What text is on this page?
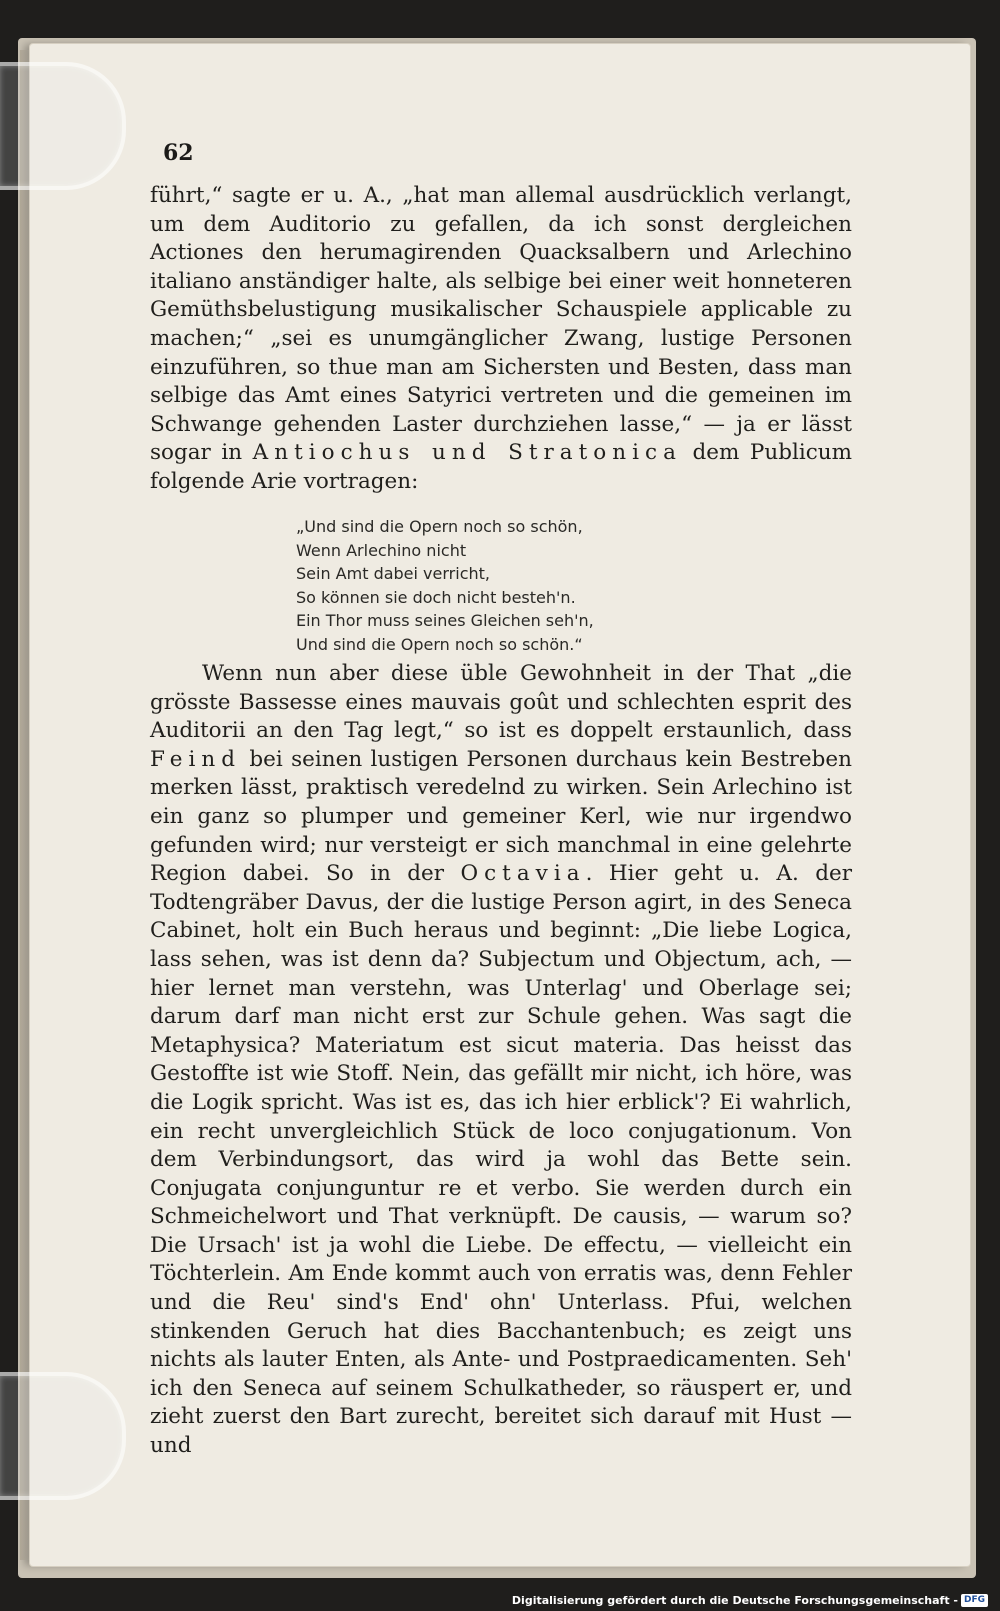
62
führt,“ sagte er u. A., „hat man allemal ausdrücklich verlangt, um dem Auditorio zu gefallen, da ich sonst dergleichen Actiones den herumagirenden Quacksalbern und Arlechino italiano anständiger halte, als selbige bei einer weit honneteren Gemüthsbelustigung musikalischer Schauspiele applicable zu machen;“ „sei es unumgänglicher Zwang, lustige Personen einzuführen, so thue man am Sichersten und Besten, dass man selbige das Amt eines Satyrici vertreten und die gemeinen im Schwange gehenden Laster durchziehen lasse,“ — ja er lässt sogar in Antiochus und Stratonica dem Publicum folgende Arie vortragen:
„Und sind die Opern noch so schön,
Wenn Arlechino nicht
Sein Amt dabei verricht,
So können sie doch nicht besteh'n.
Ein Thor muss seines Gleichen seh'n,
Und sind die Opern noch so schön.“
Wenn nun aber diese üble Gewohnheit in der That „die grösste Bassesse eines mauvais goût und schlechten esprit des Auditorii an den Tag legt,“ so ist es doppelt erstaunlich, dass Feind bei seinen lustigen Personen durchaus kein Bestreben merken lässt, praktisch veredelnd zu wirken. Sein Arlechino ist ein ganz so plumper und gemeiner Kerl, wie nur irgendwo gefunden wird; nur versteigt er sich manchmal in eine gelehrte Region dabei. So in der Octavia. Hier geht u. A. der Todtengräber Davus, der die lustige Person agirt, in des Seneca Cabinet, holt ein Buch heraus und beginnt: „Die liebe Logica, lass sehen, was ist denn da? Subjectum und Objectum, ach, — hier lernet man verstehn, was Unterlag' und Oberlage sei; darum darf man nicht erst zur Schule gehen. Was sagt die Metaphysica? Materiatum est sicut materia. Das heisst das Gestoffte ist wie Stoff. Nein, das gefällt mir nicht, ich höre, was die Logik spricht. Was ist es, das ich hier erblick'? Ei wahrlich, ein recht unvergleichlich Stück de loco conjugationum. Von dem Verbindungsort, das wird ja wohl das Bette sein. Conjugata conjunguntur re et verbo. Sie werden durch ein Schmeichelwort und That verknüpft. De causis, — warum so? Die Ursach' ist ja wohl die Liebe. De effectu, — vielleicht ein Töchterlein. Am Ende kommt auch von erratis was, denn Fehler und die Reu' sind's End' ohn' Unterlass. Pfui, welchen stinkenden Geruch hat dies Bacchantenbuch; es zeigt uns nichts als lauter Enten, als Ante- und Postpraedicamenten. Seh' ich den Seneca auf seinem Schulkatheder, so räuspert er, und zieht zuerst den Bart zurecht, bereitet sich darauf mit Hust — und
Digitalisierung gefördert durch die Deutsche Forschungsgemeinschaft - DFG
